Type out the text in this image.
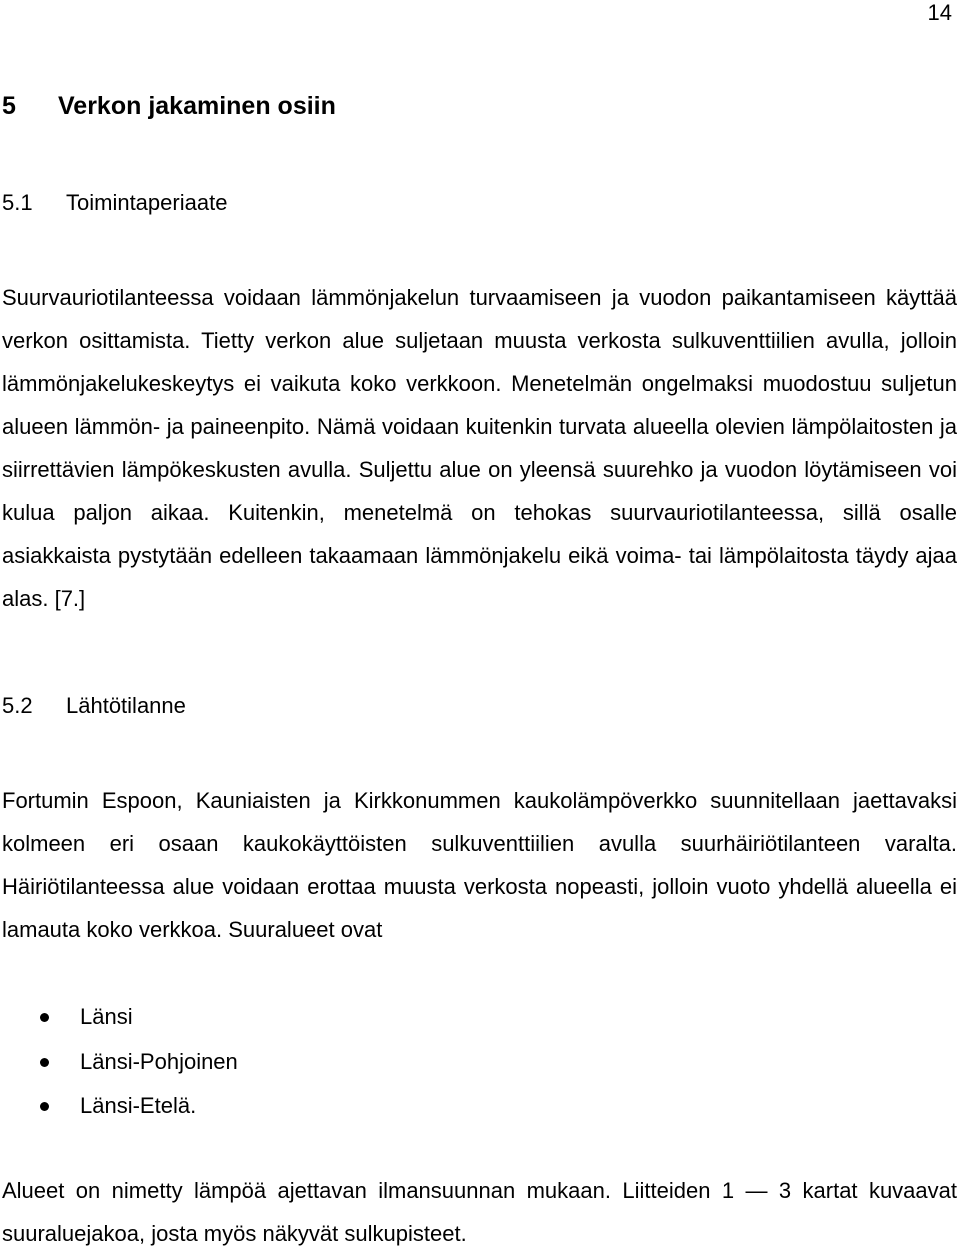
14
5 Verkon jakaminen osiin
5.1 Toimintaperiaate

Suurvauriotilanteessa voidaan lämmönjakelun turvaamiseen ja vuodon paikantamiseen käyttää verkon osittamista. Tietty verkon alue suljetaan muusta verkosta sulkuventtiilien avulla, jolloin lämmönjakelukeskeytys ei vaikuta koko verkkoon. Menetelmän ongelmaksi muodostuu suljetun alueen lämmön- ja paineenpito. Nämä voidaan kuitenkin turvata alueella olevien lämpölaitosten ja siirrettävien lämpökeskusten avulla. Suljettu alue on yleensä suurehko ja vuodon löytämiseen voi kulua paljon aikaa. Kuitenkin, menetelmä on tehokas suurvauriotilanteessa, sillä osalle asiakkaista pystytään edelleen takaamaan lämmönjakelu eikä voima- tai lämpölaitosta täydy ajaa alas. [7.]

5.2 Lähtötilanne

Fortumin Espoon, Kauniaisten ja Kirkkonummen kaukolämpöverkko suunnitellaan jaettavaksi kolmeen eri osaan kaukokäyttöisten sulkuventtiilien avulla suurhäiriötilanteen varalta. Häiriötilanteessa alue voidaan erottaa muusta verkosta nopeasti, jolloin vuoto yhdellä alueella ei lamauta koko verkkoa. Suuralueet ovat

Länsi
Länsi-Pohjoinen
Länsi-Etelä.

Alueet on nimetty lämpöä ajettavan ilmansuunnan mukaan. Liitteiden 1 — 3 kartat kuvaavat suuraluejakoa, josta myös näkyvät sulkupisteet.
